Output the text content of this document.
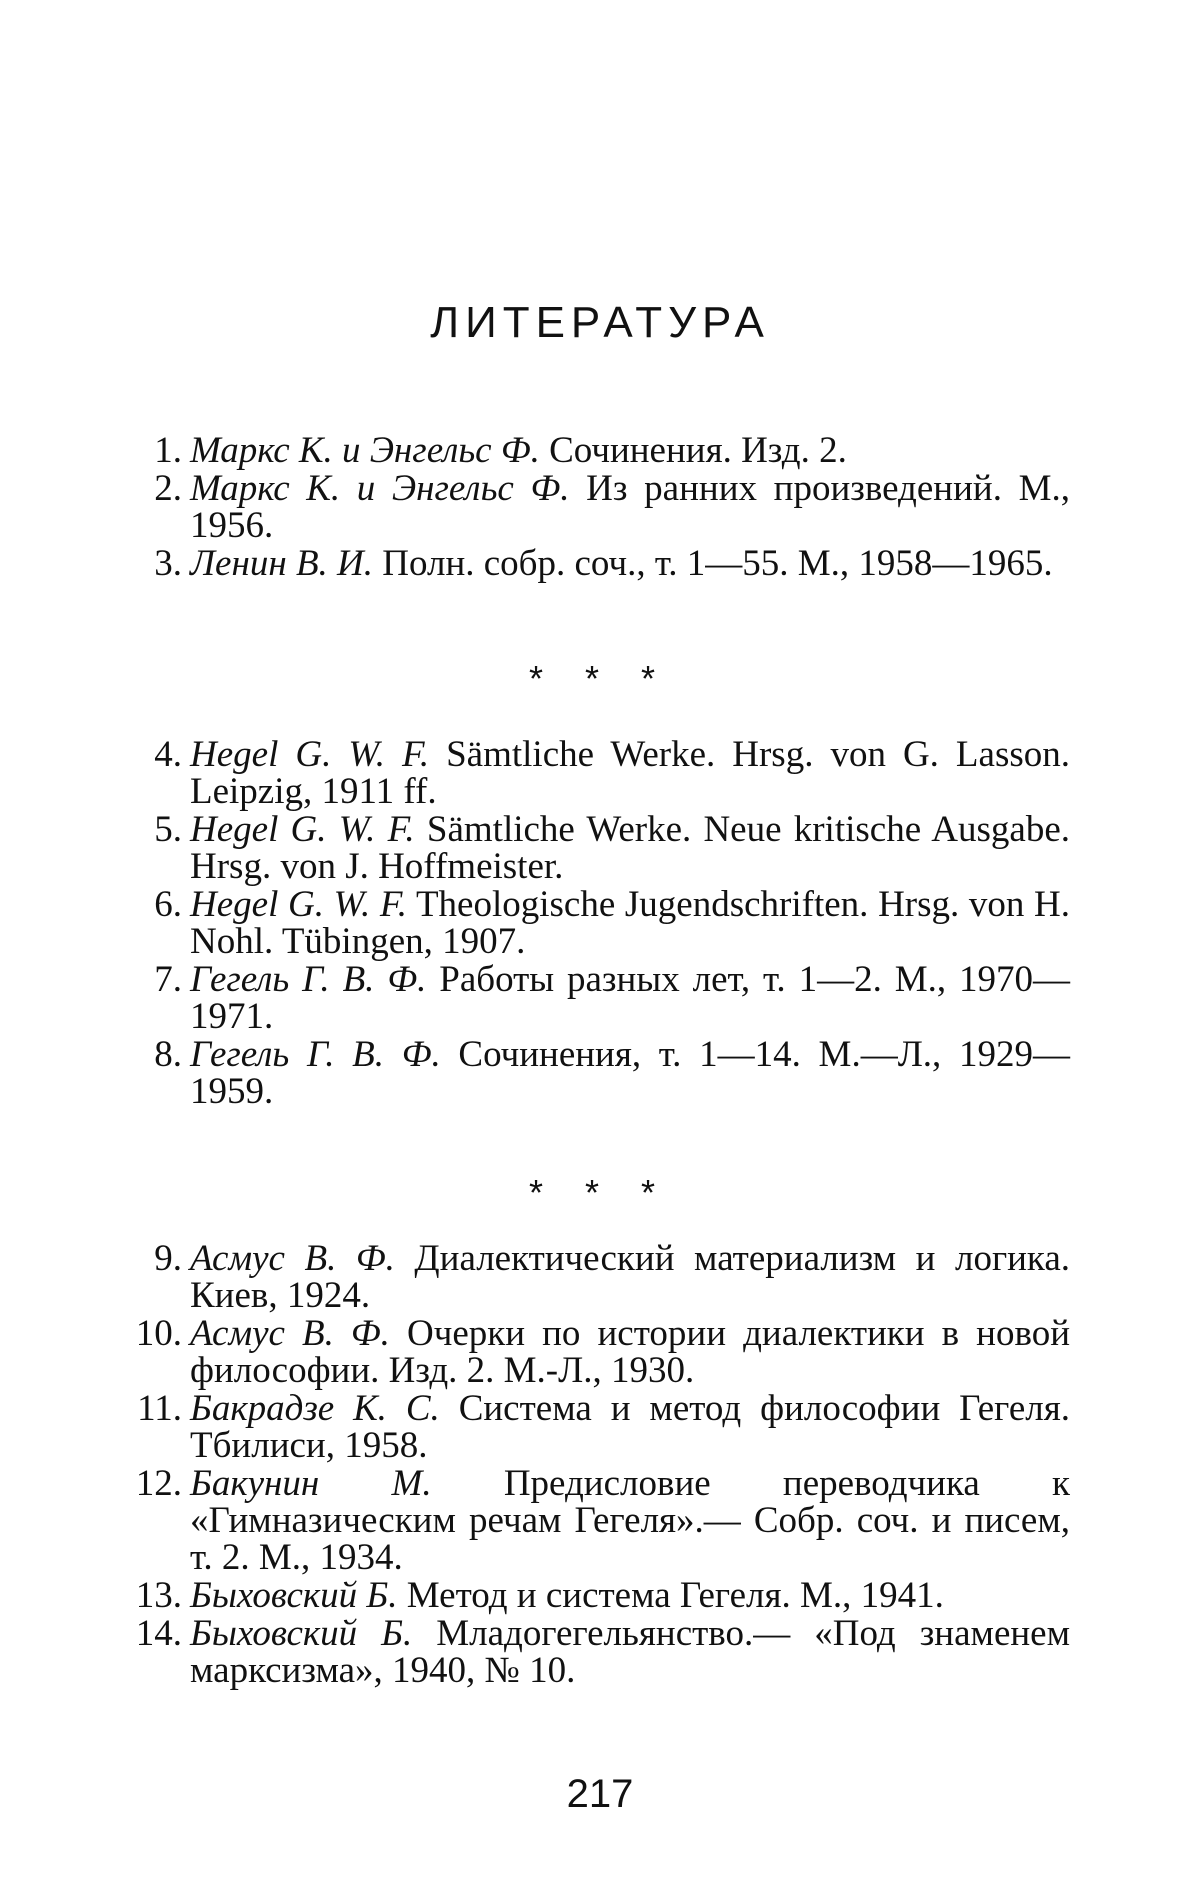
ЛИТЕРАТУРА
1. Маркс К. и Энгельс Ф. Сочинения. Изд. 2.
2. Маркс К. и Энгельс Ф. Из ранних произведений. М., 1956.
3. Ленин В. И. Полн. собр. соч., т. 1—55. М., 1958—1965.
* * *
4. Hegel G. W. F. Sämtliche Werke. Hrsg. von G. Lasson. Leipzig, 1911 ff.
5. Hegel G. W. F. Sämtliche Werke. Neue kritische Ausgabe. Hrsg. von J. Hoffmeister.
6. Hegel G. W. F. Theologische Jugendschriften. Hrsg. von H. Nohl. Tübingen, 1907.
7. Гегель Г. В. Ф. Работы разных лет, т. 1—2. М., 1970—1971.
8. Гегель Г. В. Ф. Сочинения, т. 1—14. М.—Л., 1929—1959.
* * *
9. Асмус В. Ф. Диалектический материализм и логика. Киев, 1924.
10. Асмус В. Ф. Очерки по истории диалектики в новой философии. Изд. 2. М.-Л., 1930.
11. Бакрадзе К. С. Система и метод философии Гегеля. Тбилиси, 1958.
12. Бакунин М. Предисловие переводчика к «Гимназическим речам Гегеля».— Собр. соч. и писем, т. 2. М., 1934.
13. Быховский Б. Метод и система Гегеля. М., 1941.
14. Быховский Б. Младогегельянство.— «Под знаменем марксизма», 1940, № 10.
217
